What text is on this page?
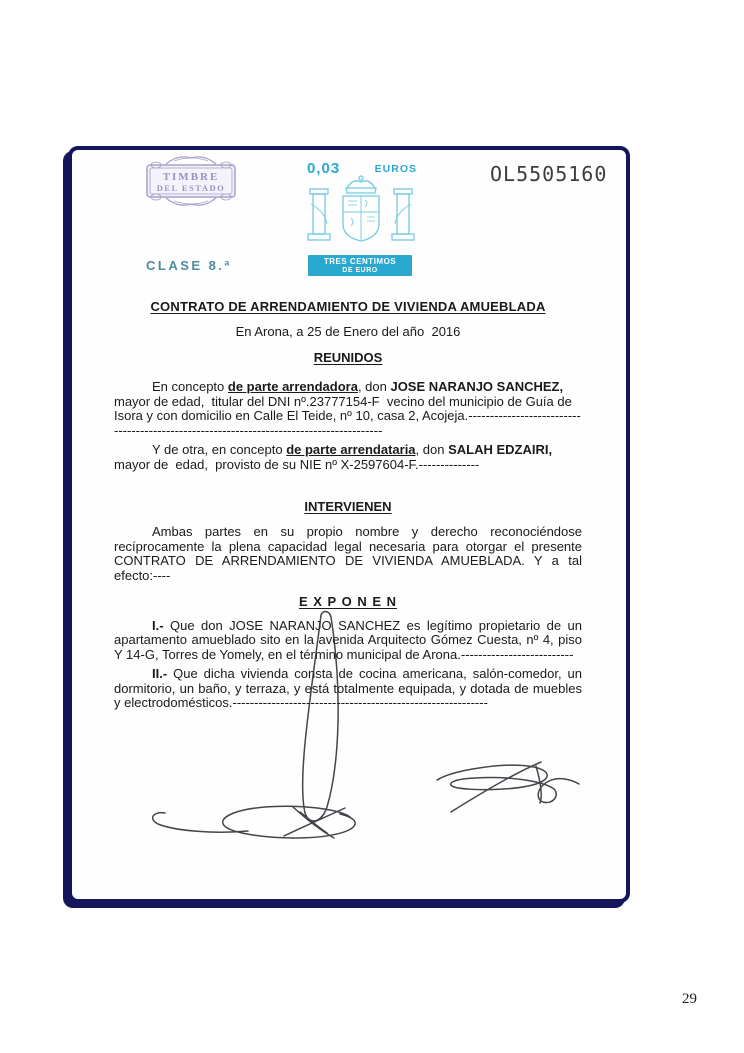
TIMBRE
DEL ESTADO
0,03	EUROS
TRES CENTIMOS
DE EURO
OL5505160
CLASE 8.ª
CONTRATO DE ARRENDAMIENTO DE VIVIENDA AMUEBLADA
En Arona, a 25 de Enero del año  2016
REUNIDOS

En concepto de parte arrendadora, don JOSE NARANJO SANCHEZ, mayor de edad,  titular del DNI nº.23777154-F  vecino del municipio de Guía de Isora y con domicilio en Calle El Teide, nº 10, casa 2, Acojeja.----------------------------------------------------------------------------------------

Y de otra, en concepto de parte arrendataria, don SALAH EDZAIRI,  mayor de  edad,  provisto de su NIE nº X-2597604-F.--------------

INTERVIENEN

Ambas partes en su propio nombre y derecho reconociéndose recíprocamente la plena capacidad legal necesaria para otorgar el presente CONTRATO DE ARRENDAMIENTO DE VIVIENDA AMUEBLADA. Y a tal efecto:----

E X P O N E N

I.- Que don JOSE NARANJO SANCHEZ es legítimo propietario de un apartamento amueblado sito en la avenida Arquitecto Gómez Cuesta, nº 4, piso Y 14-G, Torres de Yomely, en el término municipal de Arona.--------------------------

II.- Que dicha vivienda consta de cocina americana, salón-comedor, un dormitorio, un baño, y terraza, y está totalmente equipada, y dotada de muebles y electrodomésticos.-----------------------------------------------------------

29
